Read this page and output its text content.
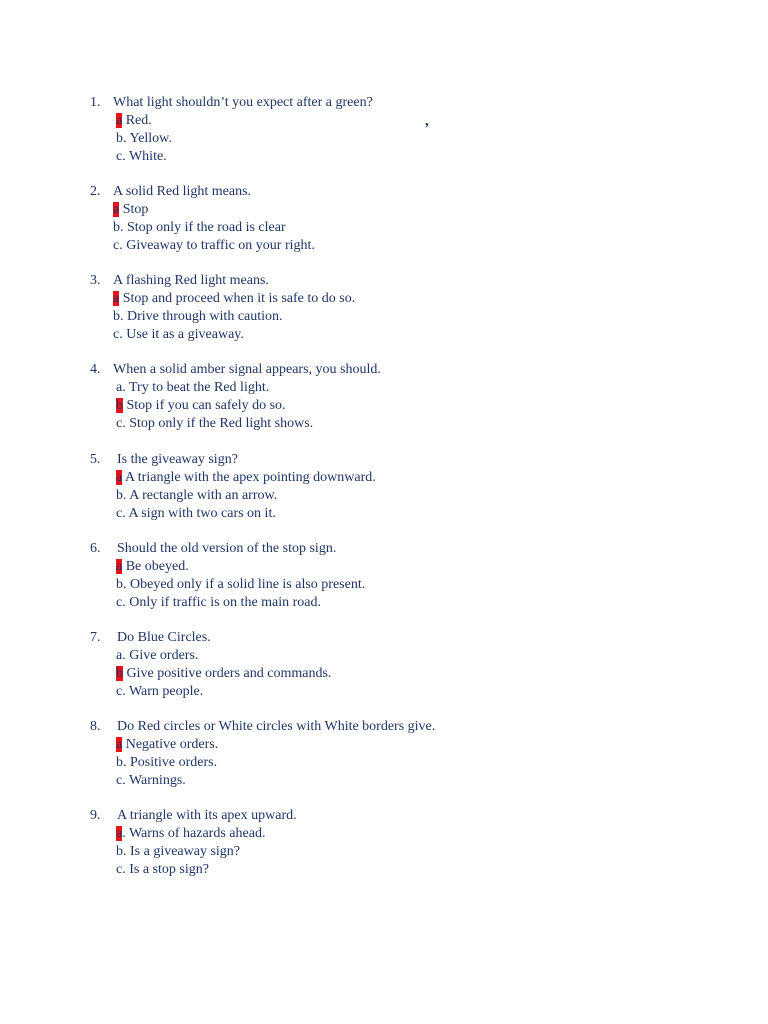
,
1. What light shouldn’t you expect after a green?
a Red.
b. Yellow.
c. White.
2. A solid Red light means.
a Stop
b. Stop only if the road is clear
c. Giveaway to traffic on your right.
3. A flashing Red light means.
a Stop and proceed when it is safe to do so.
b. Drive through with caution.
c. Use it as a giveaway.
4. When a solid amber signal appears, you should.
a. Try to beat the Red light.
b Stop if you can safely do so.
c. Stop only if the Red light shows.
5. Is the giveaway sign?
a A triangle with the apex pointing downward.
b. A rectangle with an arrow.
c. A sign with two cars on it.
6. Should the old version of the stop sign.
a Be obeyed.
b. Obeyed only if a solid line is also present.
c. Only if traffic is on the main road.
7. Do Blue Circles.
a. Give orders.
b Give positive orders and commands.
c. Warn people.
8. Do Red circles or White circles with White borders give.
a Negative orders.
b. Positive orders.
c. Warnings.
9. A triangle with its apex upward.
a. Warns of hazards ahead.
b. Is a giveaway sign?
c. Is a stop sign?
